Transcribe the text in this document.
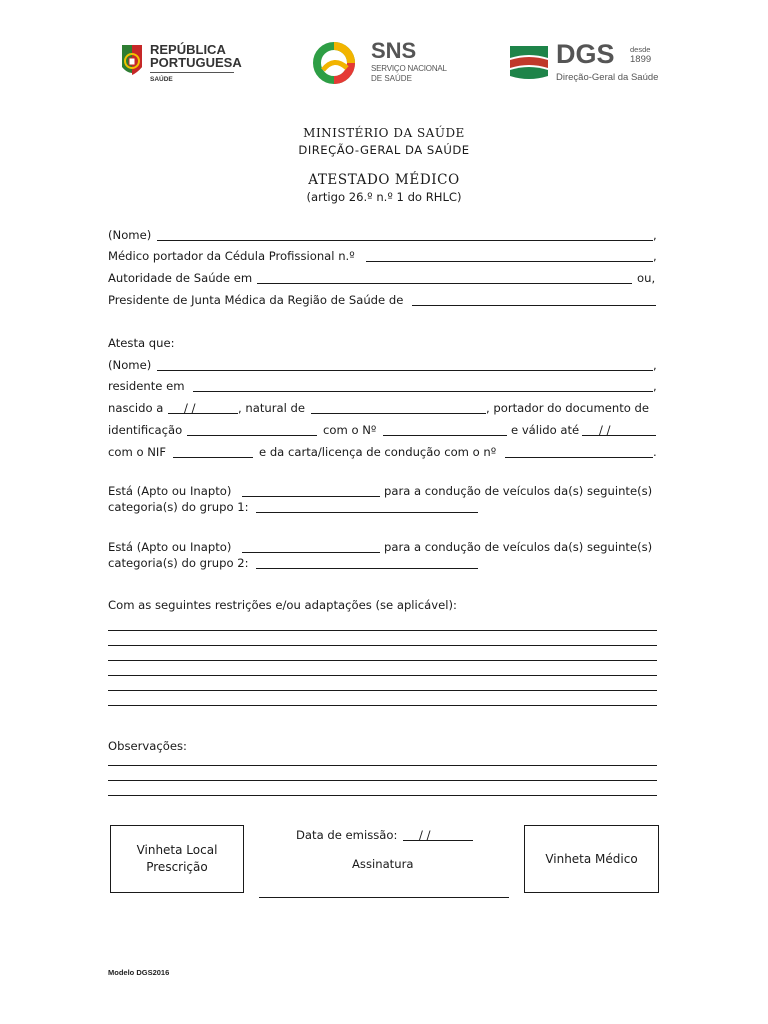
REPÚBLICA
PORTUGUESA
SAÚDE
SNS
SERVIÇO NACIONAL
DE SAÚDE
DGS desde
1899
Direção-Geral da Saúde
MINISTÉRIO DA SAÚDE
DIREÇÃO-GERAL DA SAÚDE
ATESTADO MÉDICO
(artigo 26.º n.º 1 do RHLC)
(Nome)	,
Médico portador da Cédula Profissional n.º	,
Autoridade de Saúde em	ou,
Presidente de Junta Médica da Região de Saúde de
Atesta que:
(Nome)	,
residente em	,
nascido a / /	, natural de	, portador do documento de
identificação	com o Nº	e válido até / /
com o NIF	e da carta/licença de condução com o nº	.
Está (Apto ou Inapto)	para a condução de veículos da(s) seguinte(s)
categoria(s) do grupo 1:
Está (Apto ou Inapto)	para a condução de veículos da(s) seguinte(s)
categoria(s) do grupo 2:
Com as seguintes restrições e/ou adaptações (se aplicável):
Observações:
Vinheta Local
Prescrição
Data de emissão: / /
Assinatura	Vinheta Médico
Modelo DGS2016
